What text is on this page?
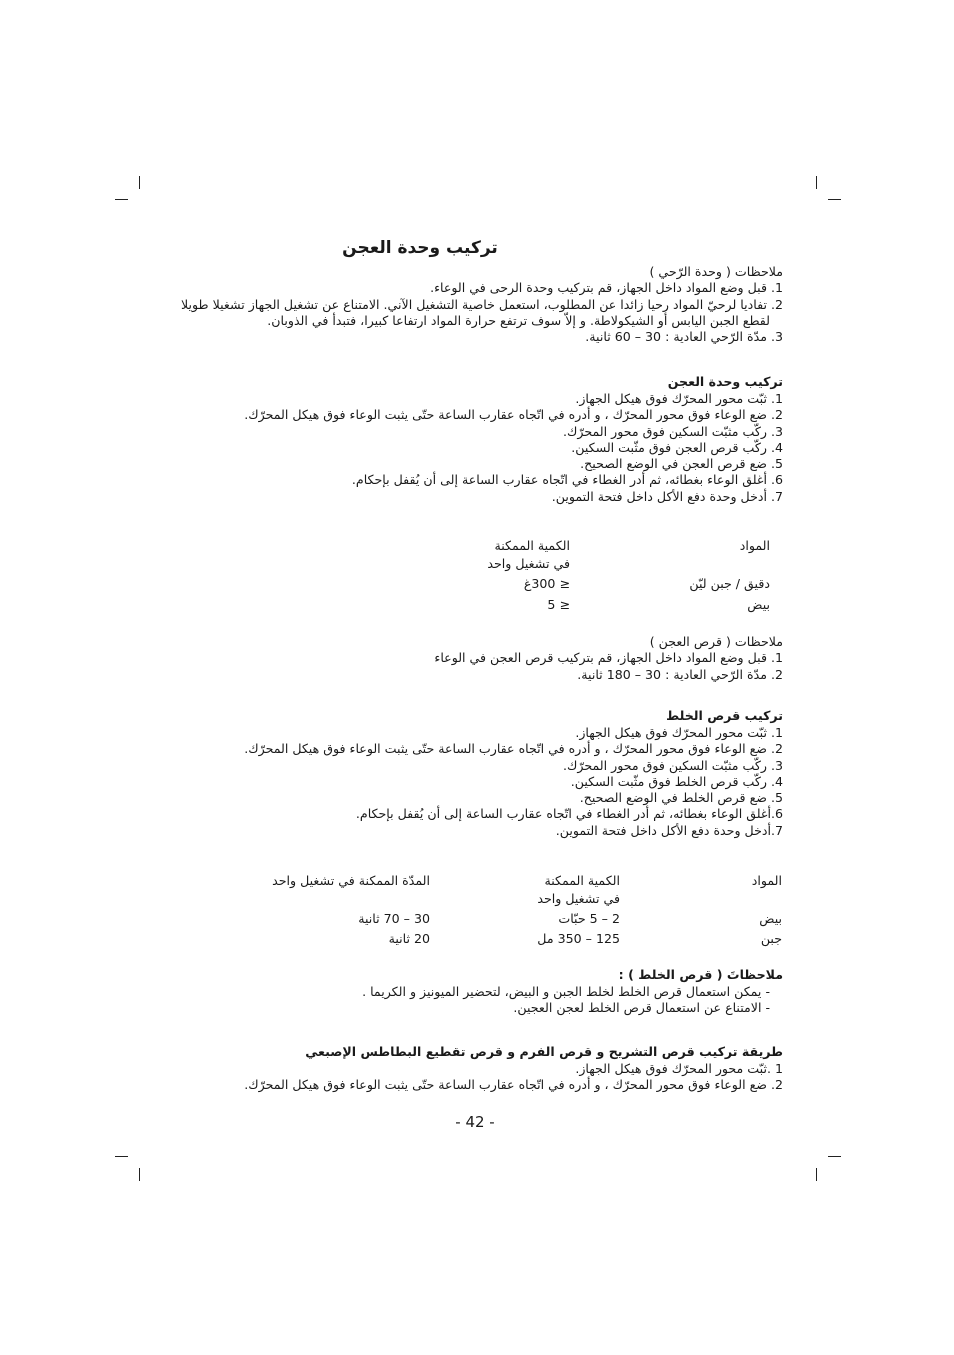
تركيب وحدة العجن
ملاحظات ( وحدة الرّحي )
1. قبل وضع المواد داخل الجهاز، قم بتركيب وحدة الرحى في الوعاء.
2. تفاديا لرحيّ المواد رحيا زائدا عن المطلوب، استعمل خاصية التشغيل الآني. الامتناع عن تشغيل الجهاز تشغيلا طويلا
لقطع الجبن اليابس أو الشيكولاطة. و إلاّ سوف ترتفع حرارة المواد ارتفاعا كبيرا، فتبدأ في الذوبان.
3. مدّة الرّحي العادية : 30 – 60 ثانية.
تركيب وحدة العجن
1. ثبّت محور المحرّك فوق هيكل الجهاز.
2. ضع الوعاء فوق محور المحرّك ، و أدره في اتّجاه عقارب الساعة حتّى يثبت الوعاء فوق هيكل المحرّك.
3. ركّب مثبّت السكين فوق محور المحرّك.
4. ركّب قرص العجن فوق مثّبت السكين.
5. ضع قرص العجن في الوضع الصحيح.
6. أغلق الوعاء بغطائه، ثم أدر الغطاء في اتّجاه عقارب الساعة إلى أن يُقفل بإحكام.
7. أدخل وحدة دفع الأكل داخل فتحة التموين.
المواد
الكمية الممكنة
في تشغيل واحد
دقيق / جبن ليّن
≤ 300غ
بيض
≤ 5
ملاحظات ( قرص العجن )
1. قبل وضع المواد داخل الجهاز، قم بتركيب قرص العجن في الوعاء
2. مدّة الرّحي العادية : 30 – 180 ثانية.
تركيب قرص الخلط
1. ثبّت محور المحرّك فوق هيكل الجهاز.
2. ضع الوعاء فوق محور المحرّك ، و أدره في اتّجاه عقارب الساعة حتّى يثبت الوعاء فوق هيكل المحرّك.
3. ركّب مثبّت السكين فوق محور المحرّك.
4. ركّب قرص الخلط فوق مثّبت السكين.
5. ضع قرص الخلط في الوضع الصحيح.
6.أغلق الوعاء بغطائه، ثم أدر الغطاء في اتّجاه عقارب الساعة إلى أن يُقفل بإحكام.
7.أدخل وحدة دفع الأكل داخل فتحة التموين.
المواد
الكمية الممكنة
في تشغيل واحد
المدّة الممكنة في تشغيل واحد
بيض
2 – 5 حبّات
30 – 70 ثانية
جبن
125 – 350 مل
20 ثانية
ملاحظاتَ ( قرص الخلط ) :
- يمكن استعمال قرص الخلط لخلط الجبن و البيض، لتحضير الميونيز و الكريما .
- الامتناع عن استعمال قرص الخلط لعجن العجين.
طريقة تركيب قرص التشريح و قرص الفرم و قرص تقطيع البطاطس الإصبعي
1 .ثبّت محور المحرّك فوق هيكل الجهاز.
2. ضع الوعاء فوق محور المحرّك ، و أدره في اتّجاه عقارب الساعة حتّى يثبت الوعاء فوق هيكل المحرّك.
- 42 -
